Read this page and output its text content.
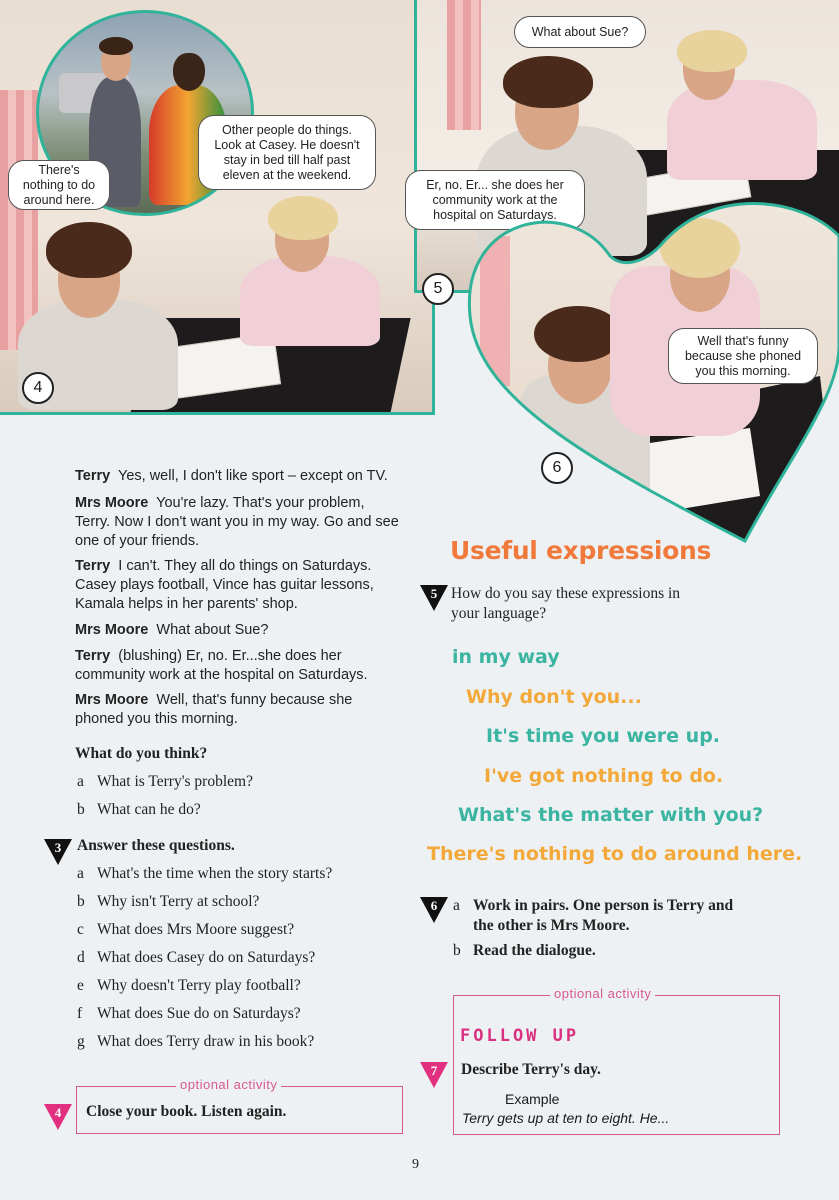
There's nothing to do around here.
Other people do things. Look at Casey. He doesn't stay in bed till half past eleven at the weekend.
4
What about Sue?
Er, no. Er... she does her community work at the hospital on Saturdays.
5
Well that's funny because she phoned you this morning.
6
Terry Yes, well, I don't like sport – except on TV.
Mrs Moore You're lazy. That's your problem, Terry. Now I don't want you in my way. Go and see one of your friends.
Terry I can't. They all do things on Saturdays. Casey plays football, Vince has guitar lessons, Kamala helps in her parents' shop.
Mrs Moore What about Sue?
Terry (blushing) Er, no. Er...she does her community work at the hospital on Saturdays.
Mrs Moore Well, that's funny because she phoned you this morning.
What do you think?
a What is Terry's problem?
b What can he do?
3	Answer these questions.
a What's the time when the story starts?
b Why isn't Terry at school?
c What does Mrs Moore suggest?
d What does Casey do on Saturdays?
e Why doesn't Terry play football?
f What does Sue do on Saturdays?
g What does Terry draw in his book?
optional activity
4	Close your book. Listen again.
Useful expressions
5 How do you say these expressions in
your language?
in my way
Why don't you...
It's time you were up.
I've got nothing to do.
What's the matter with you?
There's nothing to do around here.
6	a Work in pairs. One person is Terry and
the other is Mrs Moore.
b Read the dialogue.
optional activity
FOLLOW UP
7	Describe Terry's day.
Example
Terry gets up at ten to eight. He...
9
